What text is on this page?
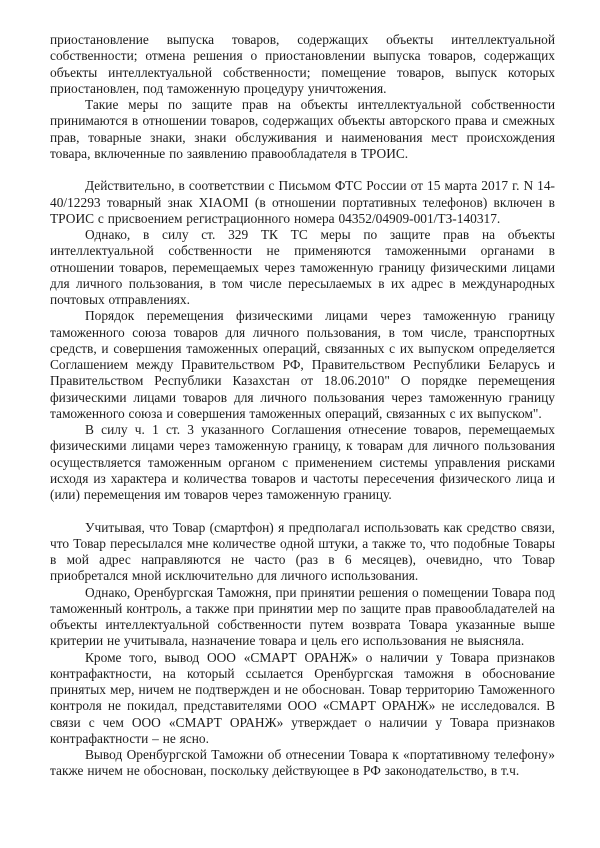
приостановление выпуска товаров, содержащих объекты интеллектуальной собственности; отмена решения о приостановлении выпуска товаров, содержащих объекты интеллектуальной собственности; помещение товаров, выпуск которых приостановлен, под таможенную процедуру уничтожения.

Такие меры по защите прав на объекты интеллектуальной собственности принимаются в отношении товаров, содержащих объекты авторского права и смежных прав, товарные знаки, знаки обслуживания и наименования мест происхождения товара, включенные по заявлению правообладателя в ТРОИС.

Действительно, в соответствии с Письмом ФТС России от 15 марта 2017 г. N 14-40/12293 товарный знак XIAOMI (в отношении портативных телефонов) включен в ТРОИС с присвоением регистрационного номера 04352/04909-001/ТЗ-140317.

Однако, в силу ст. 329 ТК ТС меры по защите прав на объекты интеллектуальной собственности не применяются таможенными органами в отношении товаров, перемещаемых через таможенную границу физическими лицами для личного пользования, в том числе пересылаемых в их адрес в международных почтовых отправлениях.

Порядок перемещения физическими лицами через таможенную границу таможенного союза товаров для личного пользования, в том числе, транспортных средств, и совершения таможенных операций, связанных с их выпуском определяется Соглашением между Правительством РФ, Правительством Республики Беларусь и Правительством Республики Казахстан от 18.06.2010" О порядке перемещения физическими лицами товаров для личного пользования через таможенную границу таможенного союза и совершения таможенных операций, связанных с их выпуском".

В силу ч. 1 ст. 3 указанного Соглашения отнесение товаров, перемещаемых физическими лицами через таможенную границу, к товарам для личного пользования осуществляется таможенным органом с применением системы управления рисками исходя из характера и количества товаров и частоты пересечения физического лица и (или) перемещения им товаров через таможенную границу.

Учитывая, что Товар (смартфон) я предполагал использовать как средство связи, что Товар пересылался мне количестве одной штуки, а также то, что подобные Товары в мой адрес направляются не часто (раз в 6 месяцев), очевидно, что Товар приобретался мной исключительно для личного использования.

Однако, Оренбургская Таможня, при принятии решения о помещении Товара под таможенный контроль, а также при принятии мер по защите прав правообладателей на объекты интеллектуальной собственности путем возврата Товара указанные выше критерии не учитывала, назначение товара и цель его использования не выясняла.

Кроме того, вывод ООО «СМАРТ ОРАНЖ» о наличии у Товара признаков контрафактности, на который ссылается Оренбургская таможня в обоснование принятых мер, ничем не подтвержден и не обоснован. Товар территорию Таможенного контроля не покидал, представителями ООО «СМАРТ ОРАНЖ» не исследовался. В связи с чем ООО «СМАРТ ОРАНЖ» утверждает о наличии у Товара признаков контрафактности – не ясно.

Вывод Оренбургской Таможни об отнесении Товара к «портативному телефону» также ничем не обоснован, поскольку действующее в РФ законодательство, в т.ч.
